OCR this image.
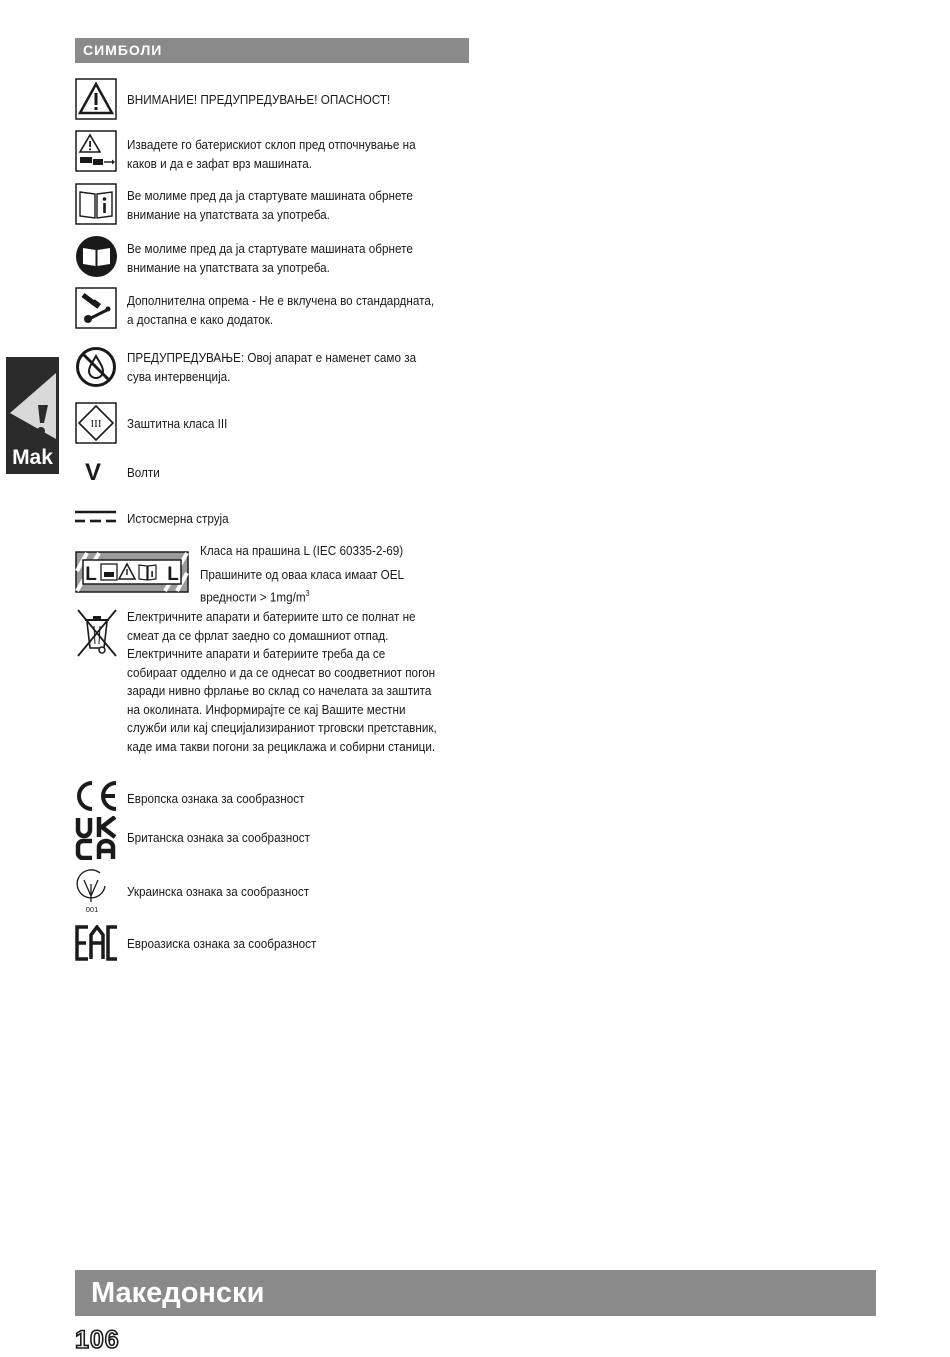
СИМБОЛИ
Mak
ВНИМАНИЕ! ПРЕДУПРЕДУВАЊЕ! ОПАСНОСТ!
Извадете го батерискиот склоп пред отпочнување на каков и да е зафат врз машината.
Ве молиме пред да ја стартувате машината обрнете внимание на упатствата за употреба.
Ве молиме пред да ја стартувате машината обрнете внимание на упатствата за употреба.
Дополнителна опрема - Не е вклучена во стандардната, а достапна е како додаток.
ПРЕДУПРЕДУВАЊЕ: Овој апарат е наменет само за сува интервенција.
III Заштитна класа III
V	Волти
Истосмерна струја
L	L
Класа на прашина L (IEC 60335-2-69)
Прашините од оваа класа имаат OEL вредности > $1mg/m^3$
Електричните апарати и батериите што се полнат не смеат да се фрлат заедно со домашниот отпад. Електричните апарати и батериите треба да се собираат одделно и да се однесат во соодветниот погон заради нивно фрлање во склад со начелата за заштита на околината. Информирајте се кај Вашите местни служби или кај специјализираниот трговски претставник, каде има такви погони за рециклажа и собирни станици.
Европска ознака за сообразност
Британска ознака за сообразност
001
Украинска ознака за сообразност
Евроазиска ознака за сообразност
Македонски
106
